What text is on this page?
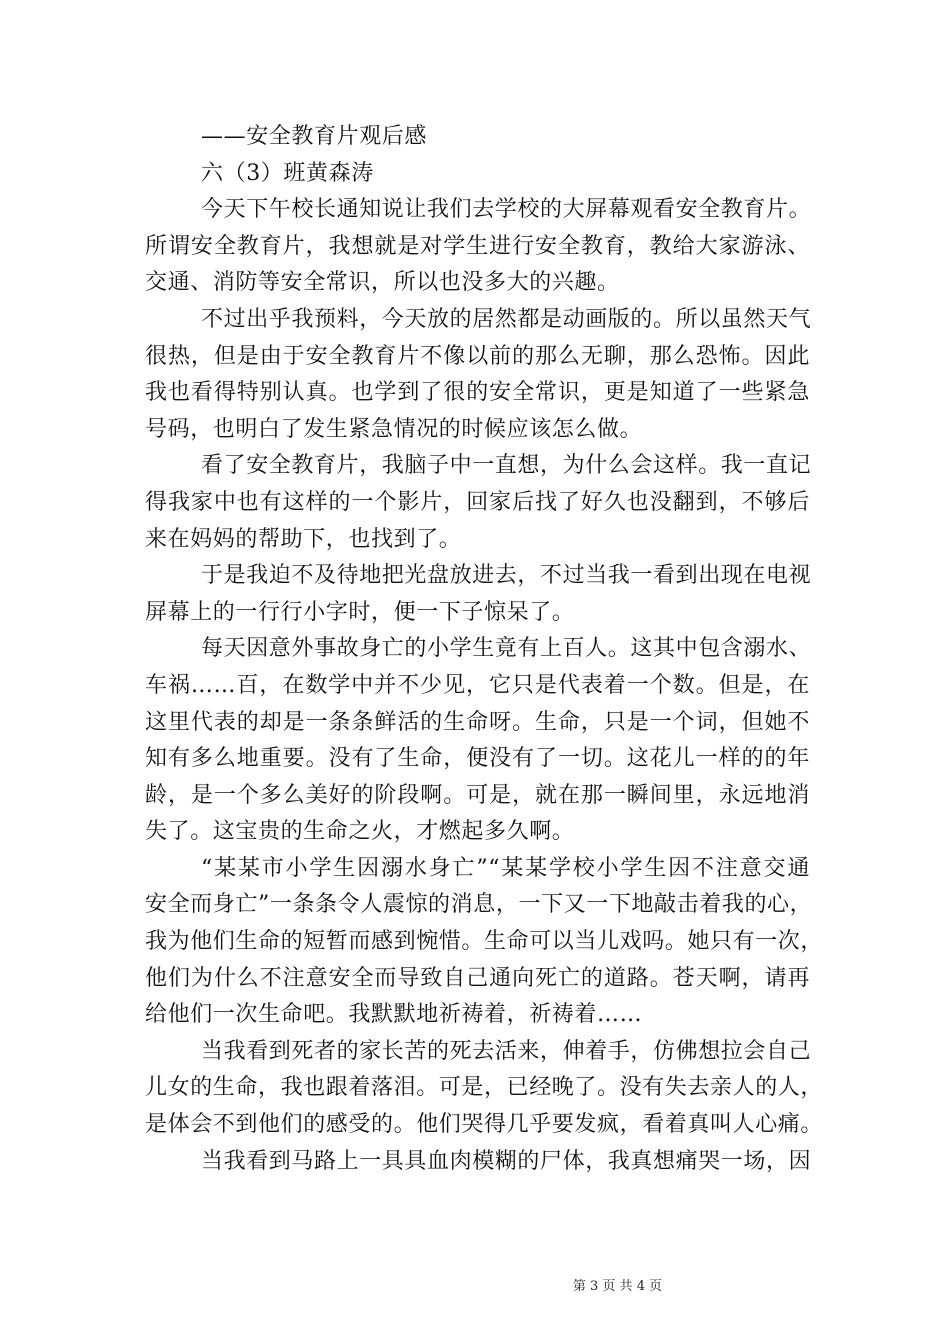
——安全教育片观后感

六（3）班黄森涛

今天下午校长通知说让我们去学校的大屏幕观看安全教育片。

所谓安全教育片，我想就是对学生进行安全教育，教给大家游泳、

交通、消防等安全常识，所以也没多大的兴趣。

不过出乎我预料，今天放的居然都是动画版的。所以虽然天气

很热，但是由于安全教育片不像以前的那么无聊，那么恐怖。因此

我也看得特别认真。也学到了很的安全常识，更是知道了一些紧急

号码，也明白了发生紧急情况的时候应该怎么做。

看了安全教育片，我脑子中一直想，为什么会这样。我一直记

得我家中也有这样的一个影片，回家后找了好久也没翻到，不够后

来在妈妈的帮助下，也找到了。

于是我迫不及待地把光盘放进去，不过当我一看到出现在电视

屏幕上的一行行小字时，便一下子惊呆了。

每天因意外事故身亡的小学生竟有上百人。这其中包含溺水、

车祸……百，在数学中并不少见，它只是代表着一个数。但是，在

这里代表的却是一条条鲜活的生命呀。生命，只是一个词，但她不

知有多么地重要。没有了生命，便没有了一切。这花儿一样的的年

龄，是一个多么美好的阶段啊。可是，就在那一瞬间里，永远地消

失了。这宝贵的生命之火，才燃起多久啊。

“某某市小学生因溺水身亡”“某某学校小学生因不注意交通

安全而身亡”一条条令人震惊的消息，一下又一下地敲击着我的心，

我为他们生命的短暂而感到惋惜。生命可以当儿戏吗。她只有一次，

他们为什么不注意安全而导致自己通向死亡的道路。苍天啊，请再

给他们一次生命吧。我默默地祈祷着，祈祷着……

当我看到死者的家长苦的死去活来，伸着手，仿佛想拉会自己

儿女的生命，我也跟着落泪。可是，已经晚了。没有失去亲人的人，

是体会不到他们的感受的。他们哭得几乎要发疯，看着真叫人心痛。

当我看到马路上一具具血肉模糊的尸体，我真想痛哭一场，因

第 3 页 共 4 页
